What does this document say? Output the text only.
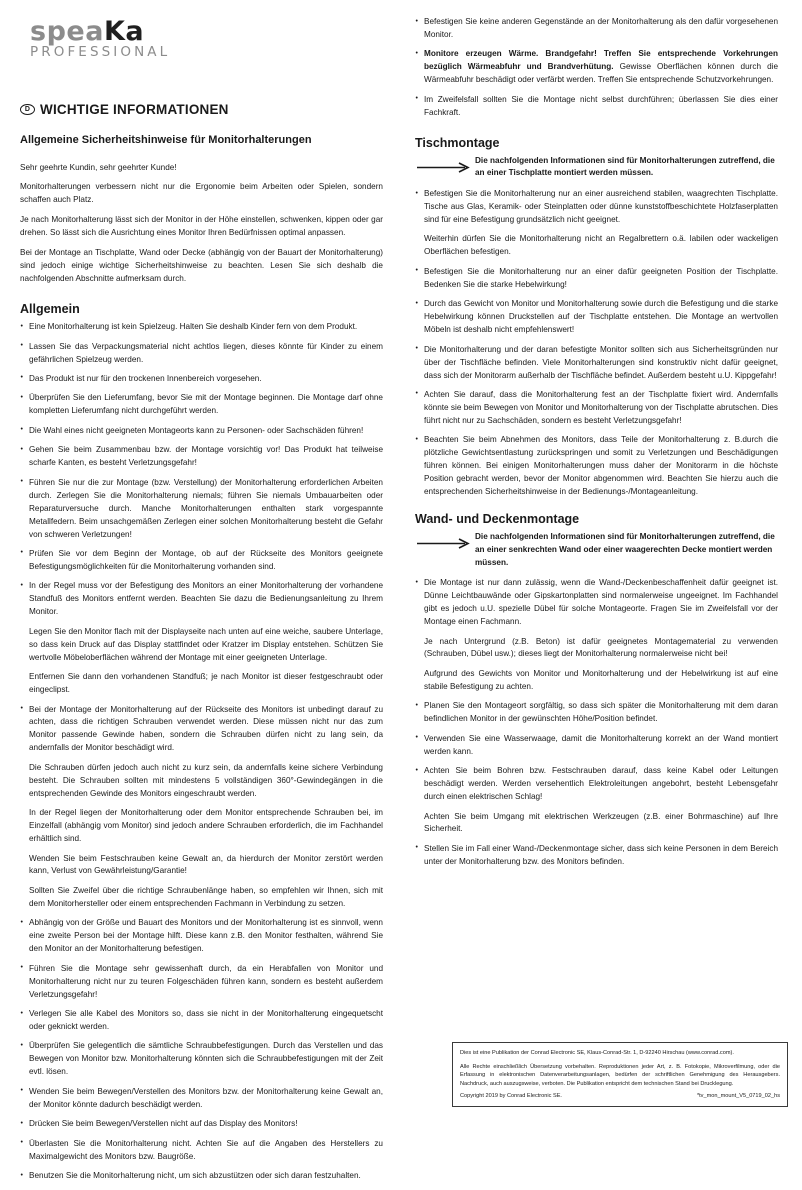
speaKa
PROFESSIONAL
D WICHTIGE INFORMATIONEN
Allgemeine Sicherheitshinweise für Monitorhalterungen

Sehr geehrte Kundin, sehr geehrter Kunde!

Monitorhalterungen verbessern nicht nur die Ergonomie beim Arbeiten oder Spielen, sondern schaffen auch Platz.

Je nach Monitorhalterung lässt sich der Monitor in der Höhe einstellen, schwenken, kippen oder gar drehen. So lässt sich die Ausrichtung eines Monitor Ihren Bedürfnissen optimal anpassen.

Bei der Montage an Tischplatte, Wand oder Decke (abhängig von der Bauart der Monitorhalterung) sind jedoch einige wichtige Sicherheitshinweise zu beachten. Lesen Sie sich deshalb die nachfolgenden Abschnitte aufmerksam durch.

Allgemein
• Eine Monitorhalterung ist kein Spielzeug. Halten Sie deshalb Kinder fern von dem Produkt.
• Lassen Sie das Verpackungsmaterial nicht achtlos liegen, dieses könnte für Kinder zu einem gefährlichen Spielzeug werden.
• Das Produkt ist nur für den trockenen Innenbereich vorgesehen.
• Überprüfen Sie den Lieferumfang, bevor Sie mit der Montage beginnen. Die Montage darf ohne kompletten Lieferumfang nicht durchgeführt werden.
• Die Wahl eines nicht geeigneten Montageorts kann zu Personen- oder Sachschäden führen!
• Gehen Sie beim Zusammenbau bzw. der Montage vorsichtig vor! Das Produkt hat teilweise scharfe Kanten, es besteht Verletzungsgefahr!
• Führen Sie nur die zur Montage (bzw. Verstellung) der Monitorhalterung erforderlichen Arbeiten durch. Zerlegen Sie die Monitorhalterung niemals; führen Sie niemals Umbauarbeiten oder Reparaturversuche durch. Manche Monitorhalterungen enthalten stark vorgespannte Metallfedern. Beim unsachgemäßen Zerlegen einer solchen Monitorhalterung besteht die Gefahr von schweren Verletzungen!
• Prüfen Sie vor dem Beginn der Montage, ob auf der Rückseite des Monitors geeignete Befestigungsmöglichkeiten für die Monitorhalterung vorhanden sind.
• In der Regel muss vor der Befestigung des Monitors an einer Monitorhalterung der vorhandene Standfuß des Monitors entfernt werden. Beachten Sie dazu die Bedienungsanleitung zu Ihrem Monitor.
Legen Sie den Monitor flach mit der Displayseite nach unten auf eine weiche, saubere Unterlage, so dass kein Druck auf das Display stattfindet oder Kratzer im Display entstehen. Schützen Sie wertvolle Möbeloberflächen während der Montage mit einer geeigneten Unterlage.
Entfernen Sie dann den vorhandenen Standfuß; je nach Monitor ist dieser festgeschraubt oder eingeclipst.
• Bei der Montage der Monitorhalterung auf der Rückseite des Monitors ist unbedingt darauf zu achten, dass die richtigen Schrauben verwendet werden. Diese müssen nicht nur das zum Monitor passende Gewinde haben, sondern die Schrauben dürfen nicht zu lang sein, da andernfalls der Monitor beschädigt wird.
Die Schrauben dürfen jedoch auch nicht zu kurz sein, da andernfalls keine sichere Verbindung besteht. Die Schrauben sollten mit mindestens 5 vollständigen 360°-Gewindegängen in die entsprechenden Gewinde des Monitors eingeschraubt werden.
In der Regel liegen der Monitorhalterung oder dem Monitor entsprechende Schrauben bei, im Einzelfall (abhängig vom Monitor) sind jedoch andere Schrauben erforderlich, die im Fachhandel erhältlich sind.
Wenden Sie beim Festschrauben keine Gewalt an, da hierdurch der Monitor zerstört werden kann, Verlust von Gewährleistung/Garantie!
Sollten Sie Zweifel über die richtige Schraubenlänge haben, so empfehlen wir Ihnen, sich mit dem Monitorhersteller oder einem entsprechenden Fachmann in Verbindung zu setzen.
• Abhängig von der Größe und Bauart des Monitors und der Monitorhalterung ist es sinnvoll, wenn eine zweite Person bei der Montage hilft. Diese kann z.B. den Monitor festhalten, während Sie den Monitor an der Monitorhalterung befestigen.
• Führen Sie die Montage sehr gewissenhaft durch, da ein Herabfallen von Monitor und Monitorhalterung nicht nur zu teuren Folgeschäden führen kann, sondern es besteht außerdem Verletzungsgefahr!
• Verlegen Sie alle Kabel des Monitors so, dass sie nicht in der Monitorhalterung eingequetscht oder geknickt werden.
• Überprüfen Sie gelegentlich die sämtliche Schraubbefestigungen. Durch das Verstellen und das Bewegen von Monitor bzw. Monitorhalterung könnten sich die Schraubbefestigungen mit der Zeit evtl. lösen.
• Wenden Sie beim Bewegen/Verstellen des Monitors bzw. der Monitorhalterung keine Gewalt an, der Monitor könnte dadurch beschädigt werden.
• Drücken Sie beim Bewegen/Verstellen nicht auf das Display des Monitors!
• Überlasten Sie die Monitorhalterung nicht. Achten Sie auf die Angaben des Herstellers zu Maximalgewicht des Monitors bzw. Baugröße.
• Benutzen Sie die Monitorhalterung nicht, um sich abzustützen oder sich daran festzuhalten.
• Befestigen Sie keine anderen Gegenstände an der Monitorhalterung als den dafür vorgesehenen Monitor.
• Monitore erzeugen Wärme. Brandgefahr! Treffen Sie entsprechende Vorkehrungen bezüglich Wärmeabfuhr und Brandverhütung. Gewisse Oberflächen können durch die Wärmeabfuhr beschädigt oder verfärbt werden. Treffen Sie entsprechende Schutzvorkehrungen.
• Im Zweifelsfall sollten Sie die Montage nicht selbst durchführen; überlassen Sie dies einer Fachkraft.
Tischmontage
Die nachfolgenden Informationen sind für Monitorhalterungen zutreffend, die an einer Tischplatte montiert werden müssen.
• Befestigen Sie die Monitorhalterung nur an einer ausreichend stabilen, waagrechten Tischplatte. Tische aus Glas, Keramik- oder Steinplatten oder dünne kunststoffbeschichtete Holzfaserplatten sind für eine Befestigung grundsätzlich nicht geeignet.
Weiterhin dürfen Sie die Monitorhalterung nicht an Regalbrettern o.ä. labilen oder wackeligen Oberflächen befestigen.
• Befestigen Sie die Monitorhalterung nur an einer dafür geeigneten Position der Tischplatte. Bedenken Sie die starke Hebelwirkung!
• Durch das Gewicht von Monitor und Monitorhalterung sowie durch die Befestigung und die starke Hebelwirkung können Druckstellen auf der Tischplatte entstehen. Die Montage an wertvollen Möbeln ist deshalb nicht empfehlenswert!
• Die Monitorhalterung und der daran befestigte Monitor sollten sich aus Sicherheitsgründen nur über der Tischfläche befinden. Viele Monitorhalterungen sind konstruktiv nicht dafür geeignet, dass sich der Monitorarm außerhalb der Tischfläche befindet. Außerdem besteht u.U. Kippgefahr!
• Achten Sie darauf, dass die Monitorhalterung fest an der Tischplatte fixiert wird. Andernfalls könnte sie beim Bewegen von Monitor und Monitorhalterung von der Tischplatte abrutschen. Dies führt nicht nur zu Sachschäden, sondern es besteht Verletzungsgefahr!
• Beachten Sie beim Abnehmen des Monitors, dass Teile der Monitorhalterung z. B.durch die plötzliche Gewichtsentlastung zurückspringen und somit zu Verletzungen und Beschädigungen führen können. Bei einigen Monitorhalterungen muss daher der Monitorarm in die höchste Position gebracht werden, bevor der Monitor abgenommen wird. Beachten Sie hierzu auch die entsprechenden Sicherheitshinweise in der Bedienungs-/Montageanleitung.
Wand- und Deckenmontage
Die nachfolgenden Informationen sind für Monitorhalterungen zutreffend, die an einer senkrechten Wand oder einer waagerechten Decke montiert werden müssen.
• Die Montage ist nur dann zulässig, wenn die Wand-/Deckenbeschaffenheit dafür geeignet ist. Dünne Leichtbauwände oder Gipskartonplatten sind normalerweise ungeeignet. Im Fachhandel gibt es jedoch u.U. spezielle Dübel für solche Montageorte. Fragen Sie im Zweifelsfall vor der Montage einen Fachmann.
Je nach Untergrund (z.B. Beton) ist dafür geeignetes Montagematerial zu verwenden (Schrauben, Dübel usw.); dieses liegt der Monitorhalterung normalerweise nicht bei!
Aufgrund des Gewichts von Monitor und Monitorhalterung und der Hebelwirkung ist auf eine stabile Befestigung zu achten.
• Planen Sie den Montageort sorgfältig, so dass sich später die Monitorhalterung mit dem daran befindlichen Monitor in der gewünschten Höhe/Position befindet.
• Verwenden Sie eine Wasserwaage, damit die Monitorhalterung korrekt an der Wand montiert werden kann.
• Achten Sie beim Bohren bzw. Festschrauben darauf, dass keine Kabel oder Leitungen beschädigt werden. Werden versehentlich Elektroleitungen angebohrt, besteht Lebensgefahr durch einen elektrischen Schlag!
Achten Sie beim Umgang mit elektrischen Werkzeugen (z.B. einer Bohrmaschine) auf Ihre Sicherheit.
• Stellen Sie im Fall einer Wand-/Deckenmontage sicher, dass sich keine Personen in dem Bereich unter der Monitorhalterung bzw. des Monitors befinden.

Dies ist eine Publikation der Conrad Electronic SE, Klaus-Conrad-Str. 1, D-92240 Hirschau (www.conrad.com).

Alle Rechte einschließlich Übersetzung vorbehalten. Reproduktionen jeder Art, z. B. Fotokopie, Mikroverfilmung, oder die Erfassung in elektronischen Datenverarbeitungsanlagen, bedürfen der schriftlichen Genehmigung des Herausgebers. Nachdruck, auch auszugsweise, verboten. Die Publikation entspricht dem technischen Stand bei Drucklegung.

Copyright 2019 by Conrad Electronic SE.	*tv_mon_mount_V5_0719_02_hs
